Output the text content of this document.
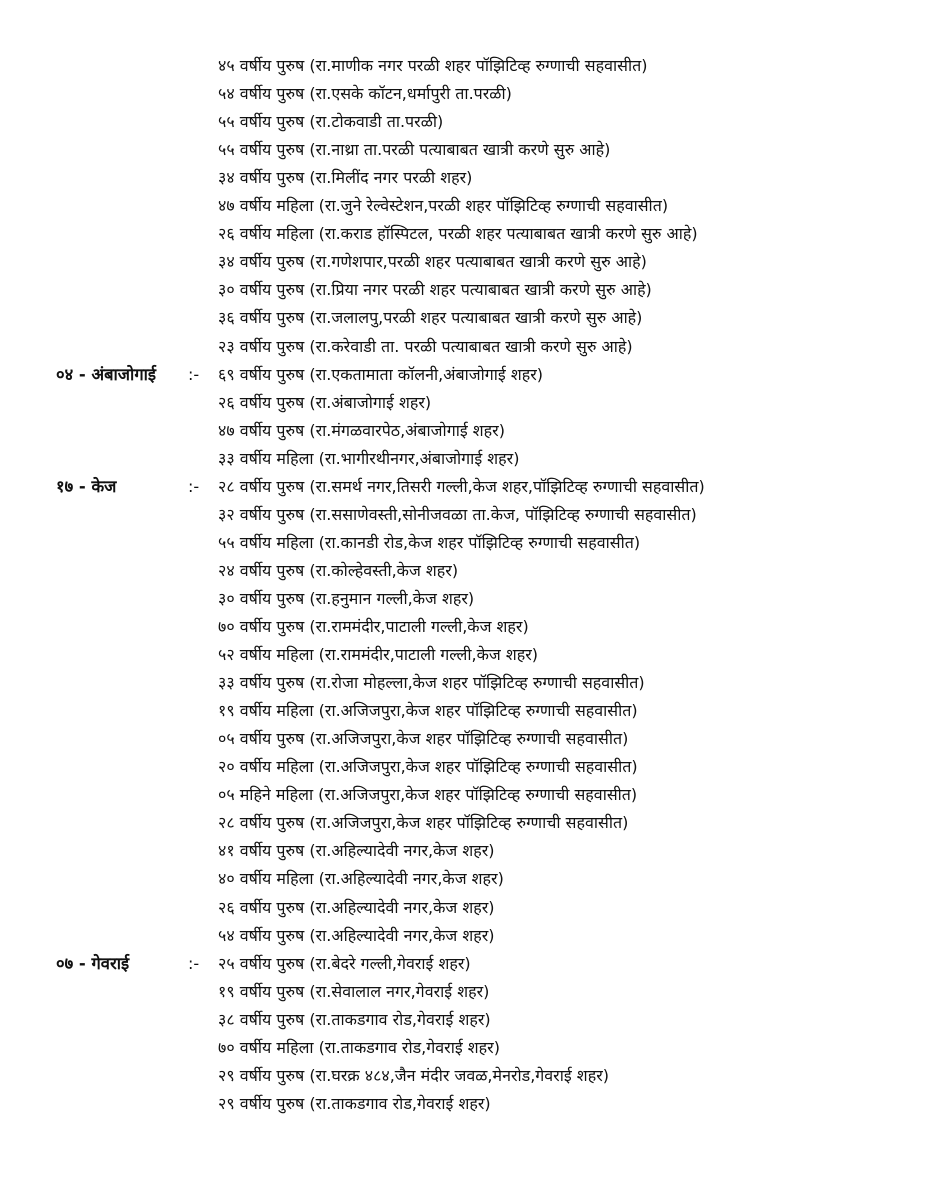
४५ वर्षीय पुरुष (रा.माणीक नगर परळी शहर पॉझिटिव्ह रुग्णाची सहवासीत)
५४ वर्षीय पुरुष (रा.एसके कॉटन,धर्मापुरी ता.परळी)
५५ वर्षीय पुरुष (रा.टोकवाडी ता.परळी)
५५ वर्षीय पुरुष (रा.नाथ्रा ता.परळी पत्याबाबत खात्री करणे सुरु आहे)
३४ वर्षीय पुरुष (रा.मिलींद नगर परळी शहर)
४७ वर्षीय महिला (रा.जुने रेल्वेस्टेशन,परळी शहर पॉझिटिव्ह रुग्णाची सहवासीत)
२६ वर्षीय महिला (रा.कराड हॉस्पिटल, परळी शहर पत्याबाबत खात्री करणे सुरु आहे)
३४ वर्षीय पुरुष (रा.गणेशपार,परळी शहर पत्याबाबत खात्री करणे सुरु आहे)
३० वर्षीय पुरुष (रा.प्रिया नगर परळी शहर पत्याबाबत खात्री करणे सुरु आहे)
३६ वर्षीय पुरुष (रा.जलालपु,परळी शहर पत्याबाबत खात्री करणे सुरु आहे)
२३ वर्षीय पुरुष (रा.करेवाडी ता. परळी पत्याबाबत खात्री करणे सुरु आहे)
०४ - अंबाजोगाई :- ६९ वर्षीय पुरुष (रा.एकतामाता कॉलनी,अंबाजोगाई शहर)
२६ वर्षीय पुरुष (रा.अंबाजोगाई शहर)
४७ वर्षीय पुरुष (रा.मंगळवारपेठ,अंबाजोगाई शहर)
३३ वर्षीय महिला (रा.भागीरथीनगर,अंबाजोगाई शहर)
१७ - केज	:- २८ वर्षीय पुरुष (रा.समर्थ नगर,तिसरी गल्ली,केज शहर,पॉझिटिव्ह रुग्णाची सहवासीत)
३२ वर्षीय पुरुष (रा.ससाणेवस्ती,सोनीजवळा ता.केज, पॉझिटिव्ह रुग्णाची सहवासीत)
५५ वर्षीय महिला (रा.कानडी रोड,केज शहर पॉझिटिव्ह रुग्णाची सहवासीत)
२४ वर्षीय पुरुष (रा.कोल्हेवस्ती,केज शहर)
३० वर्षीय पुरुष (रा.हनुमान गल्ली,केज शहर)
७० वर्षीय पुरुष (रा.राममंदीर,पाटाली गल्ली,केज शहर)
५२ वर्षीय महिला (रा.राममंदीर,पाटाली गल्ली,केज शहर)
३३ वर्षीय पुरुष (रा.रोजा मोहल्ला,केज शहर पॉझिटिव्ह रुग्णाची सहवासीत)
१९ वर्षीय महिला (रा.अजिजपुरा,केज शहर पॉझिटिव्ह रुग्णाची सहवासीत)
०५ वर्षीय पुरुष (रा.अजिजपुरा,केज शहर पॉझिटिव्ह रुग्णाची सहवासीत)
२० वर्षीय महिला (रा.अजिजपुरा,केज शहर पॉझिटिव्ह रुग्णाची सहवासीत)
०५ महिने महिला (रा.अजिजपुरा,केज शहर पॉझिटिव्ह रुग्णाची सहवासीत)
२८ वर्षीय पुरुष (रा.अजिजपुरा,केज शहर पॉझिटिव्ह रुग्णाची सहवासीत)
४१ वर्षीय पुरुष (रा.अहिल्यादेवी नगर,केज शहर)
४० वर्षीय महिला (रा.अहिल्यादेवी नगर,केज शहर)
२६ वर्षीय पुरुष (रा.अहिल्यादेवी नगर,केज शहर)
५४ वर्षीय पुरुष (रा.अहिल्यादेवी नगर,केज शहर)
०७ - गेवराई	:- २५ वर्षीय पुरुष (रा.बेदरे गल्ली,गेवराई शहर)
१९ वर्षीय पुरुष (रा.सेवालाल नगर,गेवराई शहर)
३८ वर्षीय पुरुष (रा.ताकडगाव रोड,गेवराई शहर)
७० वर्षीय महिला (रा.ताकडगाव रोड,गेवराई शहर)
२९ वर्षीय पुरुष (रा.घरक्र ४८४,जैन मंदीर जवळ,मेनरोड,गेवराई शहर)
२९ वर्षीय पुरुष (रा.ताकडगाव रोड,गेवराई शहर)
